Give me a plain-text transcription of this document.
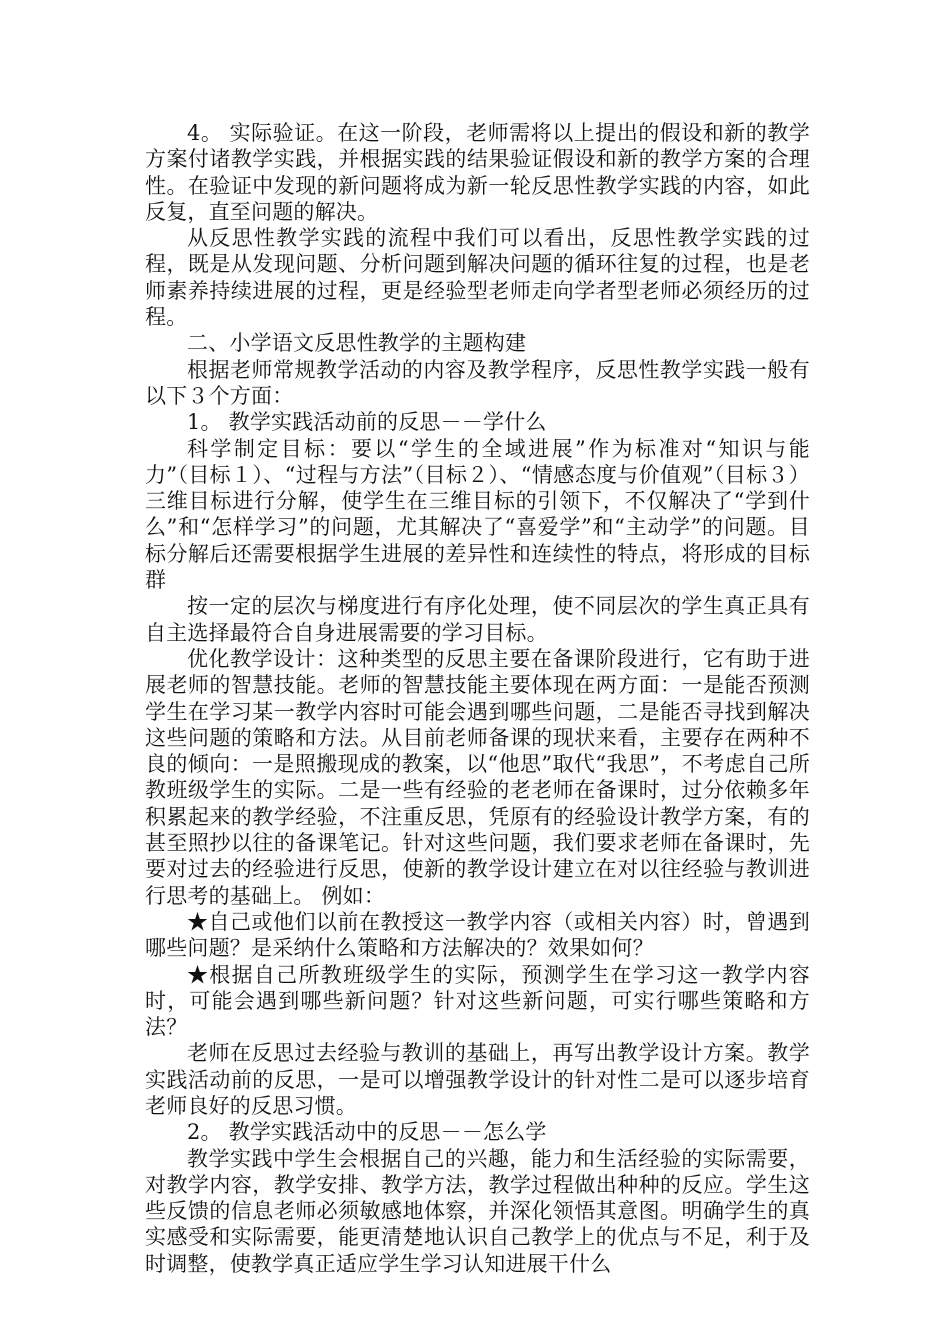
4。 实际验证。在这一阶段，老师需将以上提出的假设和新的教学方案付诸教学实践，并根据实践的结果验证假设和新的教学方案的合理性。在验证中发现的新问题将成为新一轮反思性教学实践的内容，如此反复，直至问题的解决。

从反思性教学实践的流程中我们可以看出，反思性教学实践的过程，既是从发现问题、分析问题到解决问题的循环往复的过程，也是老师素养持续进展的过程，更是经验型老师走向学者型老师必须经历的过程。

二、小学语文反思性教学的主题构建

根据老师常规教学活动的内容及教学程序，反思性教学实践一般有以下３个方面：

1。 教学实践活动前的反思－－学什么

科学制定目标：要以“学生的全域进展”作为标准对“知识与能力”（目标１）、“过程与方法”（目标２）、“情感态度与价值观”（目标３）三维目标进行分解，使学生在三维目标的引领下，不仅解决了“学到什么”和“怎样学习”的问题，尤其解决了“喜爱学”和“主动学”的问题。目标分解后还需要根据学生进展的差异性和连续性的特点，将形成的目标群

按一定的层次与梯度进行有序化处理，使不同层次的学生真正具有自主选择最符合自身进展需要的学习目标。

优化教学设计：这种类型的反思主要在备课阶段进行，它有助于进展老师的智慧技能。老师的智慧技能主要体现在两方面：一是能否预测学生在学习某一教学内容时可能会遇到哪些问题，二是能否寻找到解决这些问题的策略和方法。从目前老师备课的现状来看，主要存在两种不良的倾向：一是照搬现成的教案，以“他思”取代“我思”，不考虑自己所教班级学生的实际。二是一些有经验的老老师在备课时，过分依赖多年积累起来的教学经验，不注重反思，凭原有的经验设计教学方案，有的甚至照抄以往的备课笔记。针对这些问题，我们要求老师在备课时，先要对过去的经验进行反思，使新的教学设计建立在对以往经验与教训进行思考的基础上。 例如：

★自己或他们以前在教授这一教学内容（或相关内容）时，曾遇到哪些问题？是采纳什么策略和方法解决的？效果如何？

★根据自己所教班级学生的实际，预测学生在学习这一教学内容时，可能会遇到哪些新问题？针对这些新问题，可实行哪些策略和方法？

老师在反思过去经验与教训的基础上，再写出教学设计方案。教学实践活动前的反思，一是可以增强教学设计的针对性二是可以逐步培育老师良好的反思习惯。

2。 教学实践活动中的反思－－怎么学

教学实践中学生会根据自己的兴趣，能力和生活经验的实际需要，对教学内容，教学安排、教学方法，教学过程做出种种的反应。学生这些反馈的信息老师必须敏感地体察，并深化领悟其意图。明确学生的真实感受和实际需要，能更清楚地认识自己教学上的优点与不足，利于及时调整，使教学真正适应学生学习认知进展干什么
